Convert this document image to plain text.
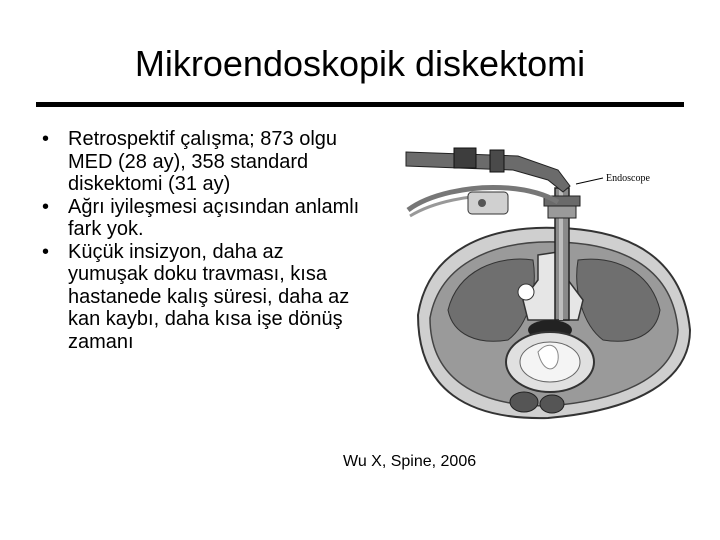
Mikroendoskopik diskektomi
• Retrospektif çalışma; 873 olgu MED (28 ay), 358 standard diskektomi (31 ay)
• Ağrı iyileşmesi açısından anlamlı fark yok.
• Küçük insizyon, daha az yumuşak doku travması, kısa hastanede kalış süresi, daha az kan kaybı, daha kısa işe dönüş zamanı
Endoscope
Wu X, Spine, 2006
